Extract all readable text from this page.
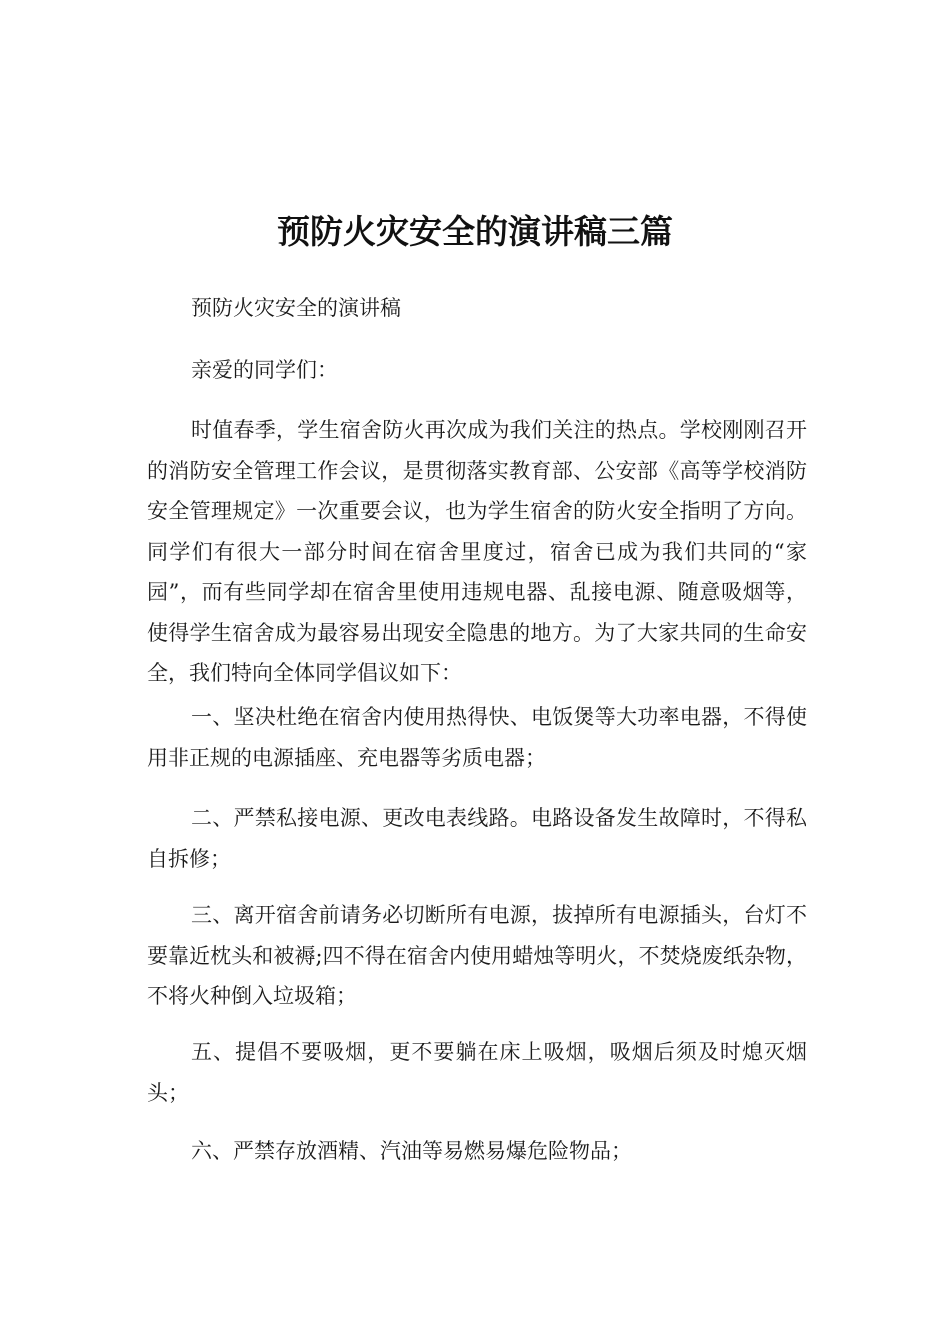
预防火灾安全的演讲稿三篇

预防火灾安全的演讲稿

亲爱的同学们：

时值春季，学生宿舍防火再次成为我们关注的热点。学校刚刚召开的消防安全管理工作会议，是贯彻落实教育部、公安部《高等学校消防安全管理规定》一次重要会议，也为学生宿舍的防火安全指明了方向。同学们有很大一部分时间在宿舍里度过，宿舍已成为我们共同的“家园”，而有些同学却在宿舍里使用违规电器、乱接电源、随意吸烟等，使得学生宿舍成为最容易出现安全隐患的地方。为了大家共同的生命安全，我们特向全体同学倡议如下：

一、坚决杜绝在宿舍内使用热得快、电饭煲等大功率电器，不得使用非正规的电源插座、充电器等劣质电器；

二、严禁私接电源、更改电表线路。电路设备发生故障时，不得私自拆修；

三、离开宿舍前请务必切断所有电源，拔掉所有电源插头，台灯不要靠近枕头和被褥;四不得在宿舍内使用蜡烛等明火，不焚烧废纸杂物，不将火种倒入垃圾箱；

五、提倡不要吸烟，更不要躺在床上吸烟，吸烟后须及时熄灭烟头；

六、严禁存放酒精、汽油等易燃易爆危险物品；
